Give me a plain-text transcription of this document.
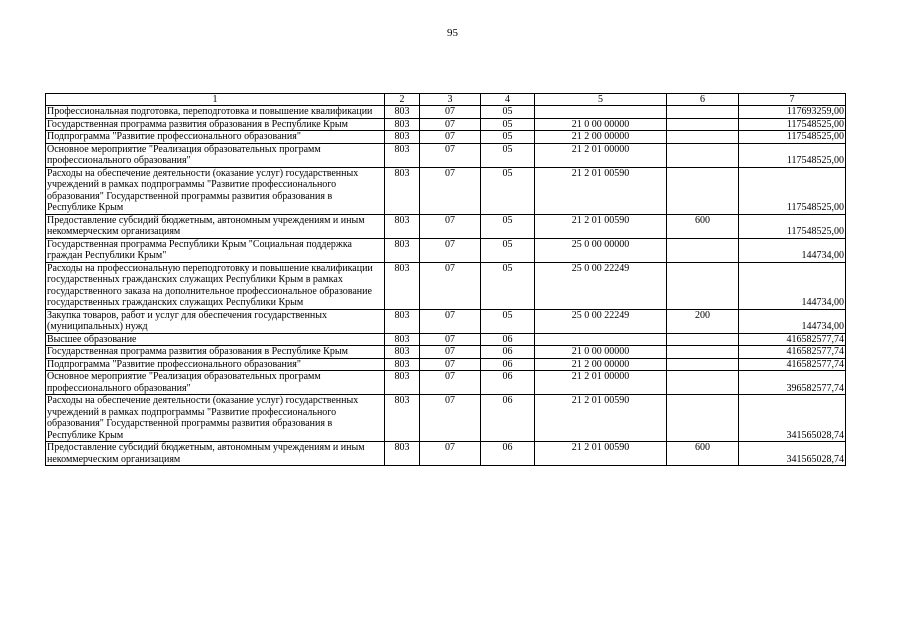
95
1	2	3	4	5	6	7
Профессиональная подготовка, переподготовка и повышение квалификации	803	07	05			117693259,00
Государственная программа развития образования в Республике Крым	803	07	05	21 0 00 00000		117548525,00
Подпрограмма "Развитие профессионального образования"	803	07	05	21 2 00 00000		117548525,00
Основное мероприятие "Реализация образовательных программ профессионального образования"	803	07	05	21 2 01 00000		117548525,00
Расходы на обеспечение деятельности (оказание услуг) государственных учреждений в рамках подпрограммы "Развитие профессионального образования" Государственной программы развития образования в Республике Крым	803	07	05	21 2 01 00590		117548525,00
Предоставление субсидий бюджетным, автономным учреждениям и иным некоммерческим организациям	803	07	05	21 2 01 00590	600	117548525,00
Государственная программа Республики Крым "Социальная поддержка граждан Республики Крым"	803	07	05	25 0 00 00000		144734,00
Расходы на профессиональную переподготовку и повышение квалификации государственных гражданских служащих Республики Крым в рамках государственного заказа на дополнительное профессиональное образование государственных гражданских служащих Республики Крым	803	07	05	25 0 00 22249		144734,00
Закупка товаров, работ и услуг для обеспечения государственных (муниципальных) нужд	803	07	05	25 0 00 22249	200	144734,00
Высшее образование	803	07	06			416582577,74
Государственная программа развития образования в Республике Крым	803	07	06	21 0 00 00000		416582577,74
Подпрограмма "Развитие профессионального образования"	803	07	06	21 2 00 00000		416582577,74
Основное мероприятие "Реализация образовательных программ профессионального образования"	803	07	06	21 2 01 00000		396582577,74
Расходы на обеспечение деятельности (оказание услуг) государственных учреждений в рамках подпрограммы "Развитие профессионального образования" Государственной программы развития образования в Республике Крым	803	07	06	21 2 01 00590		341565028,74
Предоставление субсидий бюджетным, автономным учреждениям и иным некоммерческим организациям	803	07	06	21 2 01 00590	600	341565028,74
